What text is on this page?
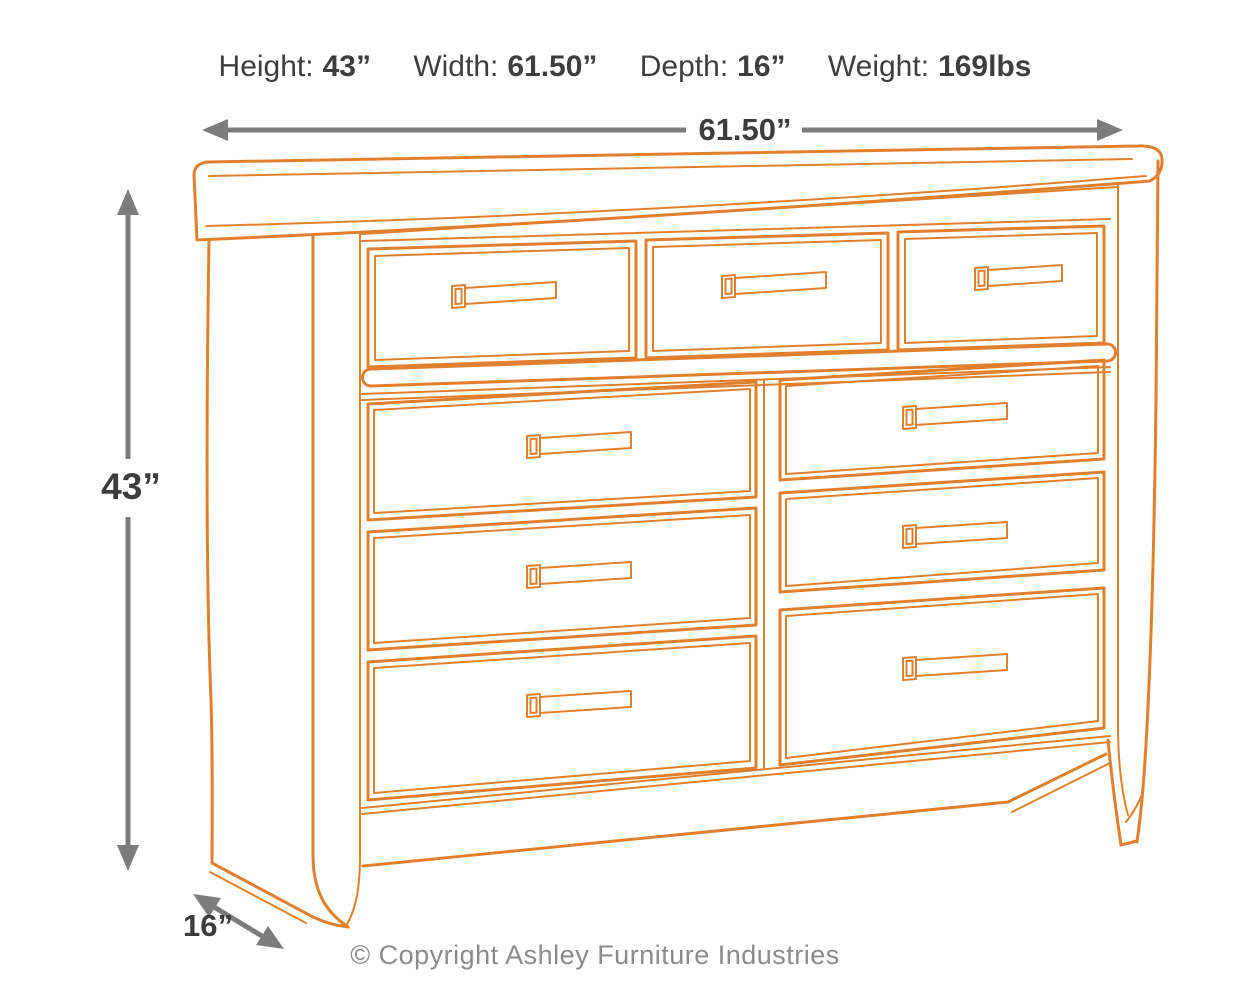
Height: 43” Width: 61.50” Depth: 16” Weight: 169lbs
61.50”
43”
16”
© Copyright Ashley Furniture Industries
